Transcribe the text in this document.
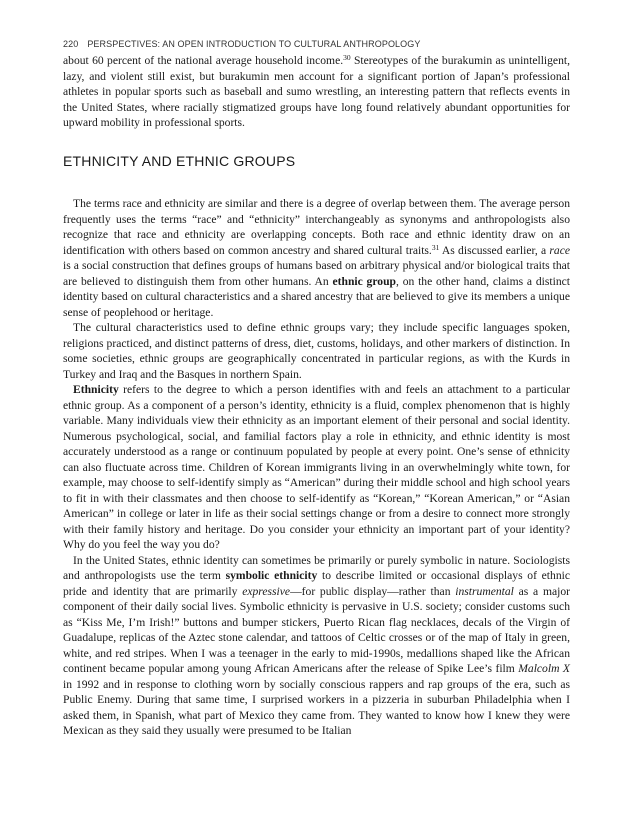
220 PERSPECTIVES: AN OPEN INTRODUCTION TO CULTURAL ANTHROPOLOGY

about 60 percent of the national average household income.$^{30}$ Stereotypes of the burakumin as unintelligent, lazy, and violent still exist, but burakumin men account for a significant portion of Japan’s professional athletes in popular sports such as baseball and sumo wrestling, an interesting pattern that reflects events in the United States, where racially stigmatized groups have long found relatively abundant opportunities for upward mobility in professional sports.

ETHNICITY AND ETHNIC GROUPS

The terms race and ethnicity are similar and there is a degree of overlap between them. The average person frequently uses the terms “race” and “ethnicity” interchangeably as synonyms and anthropologists also recognize that race and ethnicity are overlapping concepts. Both race and ethnic identity draw on an identification with others based on common ancestry and shared cultural traits.$^{31}$ As discussed earlier, a race is a social construction that defines groups of humans based on arbitrary physical and/or biological traits that are believed to distinguish them from other humans. An ethnic group, on the other hand, claims a distinct identity based on cultural characteristics and a shared ancestry that are believed to give its members a unique sense of peoplehood or heritage.

The cultural characteristics used to define ethnic groups vary; they include specific languages spoken, religions practiced, and distinct patterns of dress, diet, customs, holidays, and other markers of distinction. In some societies, ethnic groups are geographically concentrated in particular regions, as with the Kurds in Turkey and Iraq and the Basques in northern Spain.

Ethnicity refers to the degree to which a person identifies with and feels an attachment to a particular ethnic group. As a component of a person’s identity, ethnicity is a fluid, complex phenomenon that is highly variable. Many individuals view their ethnicity as an important element of their personal and social identity. Numerous psychological, social, and familial factors play a role in ethnicity, and ethnic identity is most accurately understood as a range or continuum populated by people at every point. One’s sense of ethnicity can also fluctuate across time. Children of Korean immigrants living in an overwhelmingly white town, for example, may choose to self-identify simply as “American” during their middle school and high school years to fit in with their classmates and then choose to self-identify as “Korean,” “Korean American,” or “Asian American” in college or later in life as their social settings change or from a desire to connect more strongly with their family history and heritage. Do you consider your ethnicity an important part of your identity? Why do you feel the way you do?

In the United States, ethnic identity can sometimes be primarily or purely symbolic in nature. Sociologists and anthropologists use the term symbolic ethnicity to describe limited or occasional displays of ethnic pride and identity that are primarily expressive—for public display—rather than instrumental as a major component of their daily social lives. Symbolic ethnicity is pervasive in U.S. society; consider customs such as “Kiss Me, I’m Irish!” buttons and bumper stickers, Puerto Rican flag necklaces, decals of the Virgin of Guadalupe, replicas of the Aztec stone calendar, and tattoos of Celtic crosses or of the map of Italy in green, white, and red stripes. When I was a teenager in the early to mid-1990s, medallions shaped like the African continent became popular among young African Americans after the release of Spike Lee’s film Malcolm X in 1992 and in response to clothing worn by socially conscious rappers and rap groups of the era, such as Public Enemy. During that same time, I surprised workers in a pizzeria in suburban Philadelphia when I asked them, in Spanish, what part of Mexico they came from. They wanted to know how I knew they were Mexican as they said they usually were presumed to be Italian
